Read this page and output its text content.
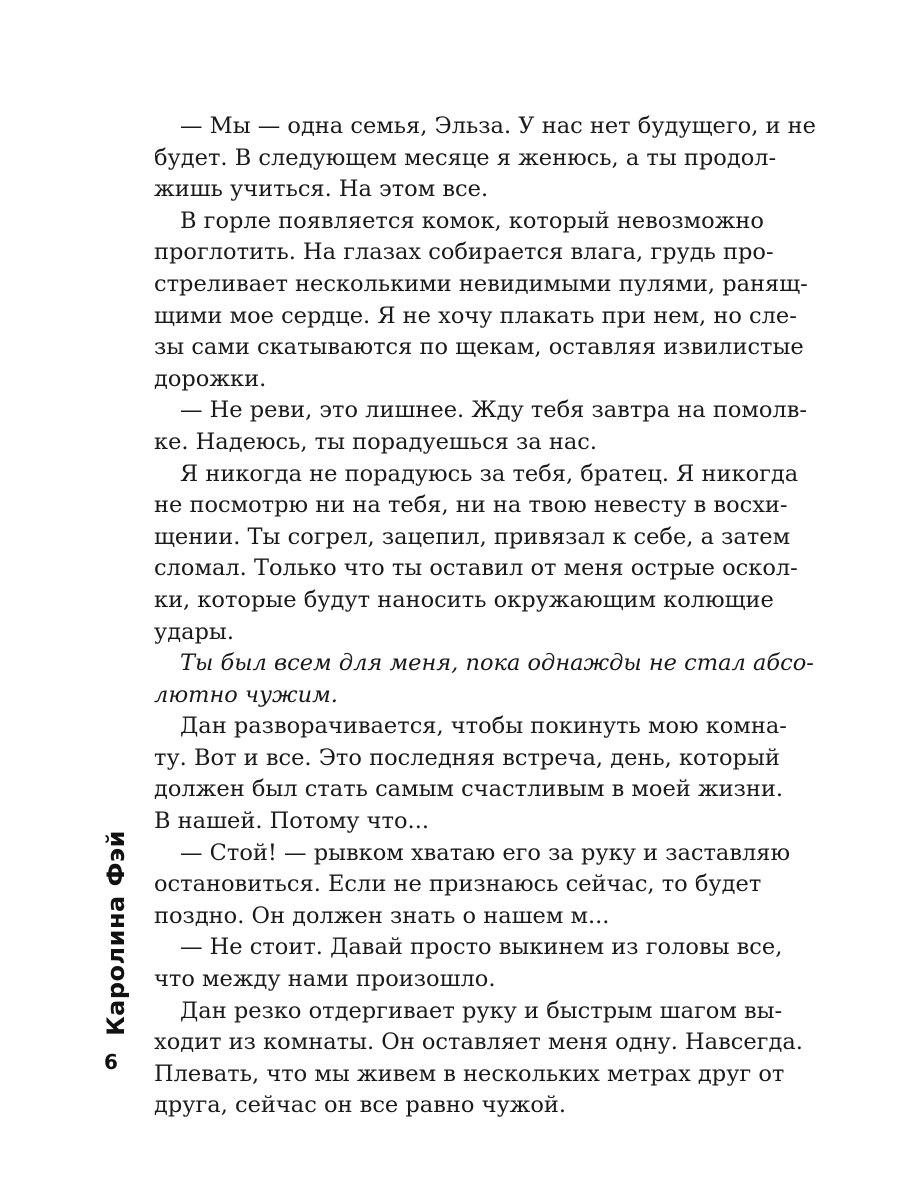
— Мы — одна семья, Эльза. У нас нет будущего, и не
будет. В следующем месяце я женюсь, а ты продол-
жишь учиться. На этом все.
В горле появляется комок, который невозможно
проглотить. На глазах собирается влага, грудь про-
стреливает несколькими невидимыми пулями, ранящ-
щими мое сердце. Я не хочу плакать при нем, но сле-
зы сами скатываются по щекам, оставляя извилистые
дорожки.
— Не реви, это лишнее. Жду тебя завтра на помолв-
ке. Надеюсь, ты порадуешься за нас.
Я никогда не порадуюсь за тебя, братец. Я никогда
не посмотрю ни на тебя, ни на твою невесту в восхи-
щении. Ты согрел, зацепил, привязал к себе, а затем
сломал. Только что ты оставил от меня острые оскол-
ки, которые будут наносить окружающим колющие
удары.
Ты был всем для меня, пока однажды не стал абсо-
лютно чужим.
Дан разворачивается, чтобы покинуть мою комна-
ту. Вот и все. Это последняя встреча, день, который
должен был стать самым счастливым в моей жизни.
В нашей. Потому что...
— Стой! — рывком хватаю его за руку и заставляю
остановиться. Если не признаюсь сейчас, то будет
поздно. Он должен знать о нашем м...
— Не стоит. Давай просто выкинем из головы все,
что между нами произошло.
Дан резко отдергивает руку и быстрым шагом вы-
ходит из комнаты. Он оставляет меня одну. Навсегда.
Плевать, что мы живем в нескольких метрах друг от
друга, сейчас он все равно чужой.
Каролина Фэй
6
